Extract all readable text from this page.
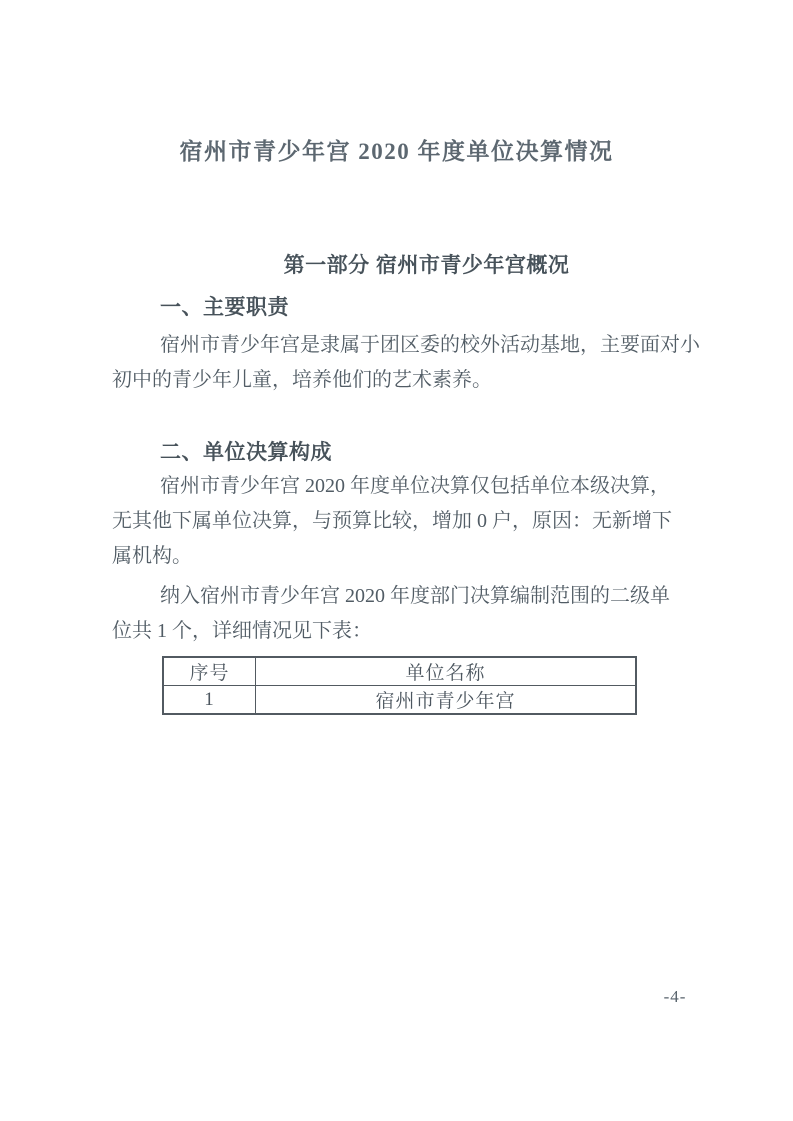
宿州市青少年宫 2020 年度单位决算情况
第一部分 宿州市青少年宫概况
一、主要职责
宿州市青少年宫是隶属于团区委的校外活动基地，主要面对小
初中的青少年儿童，培养他们的艺术素养。
二、单位决算构成
宿州市青少年宫 2020 年度单位决算仅包括单位本级决算，
无其他下属单位决算，与预算比较，增加 0 户，原因：无新增下
属机构。
纳入宿州市青少年宫 2020 年度部门决算编制范围的二级单
位共 1 个，详细情况见下表：
序号	单位名称
1	宿州市青少年宫
-4-
